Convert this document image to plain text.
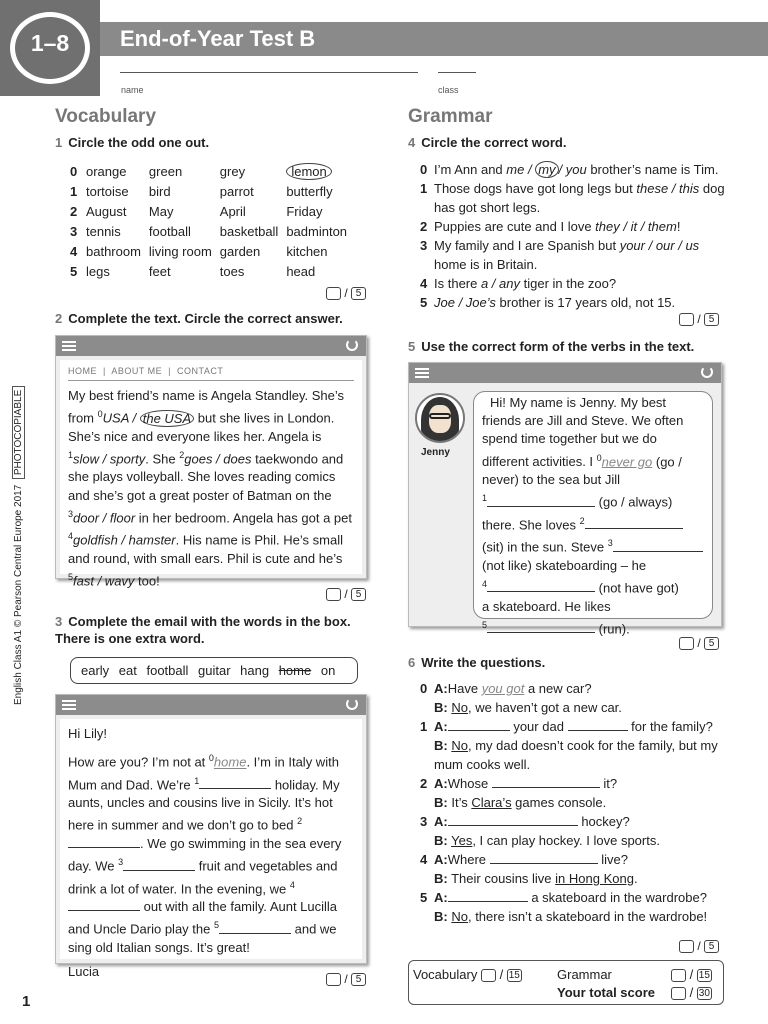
1–8	End-of-Year Test B
name	class
English Class A1 © Pearson Central Europe 2017  PHOTOCOPIABLE
Vocabulary
1 Circle the odd one out.
0	orange	green	grey	lemon
1	tortoise	bird	parrot	butterfly
2	August	May	April	Friday
3	tennis	football	basketball	badminton
4	bathroom	living room	garden	kitchen
5	legs	feet	toes	head
/ 5
2 Complete the text. Circle the correct answer.
HOME  |  ABOUT ME  |  CONTACT
My best friend’s name is Angela Standley. She’s from $^0$USA / the USA but she lives in London. She’s nice and everyone likes her. Angela is $^1$slow / sporty. She $^2$goes / does taekwondo and she plays volleyball. She loves reading comics and she’s got a great poster of Batman on the $^3$door / floor in her bedroom. Angela has got a pet $^4$goldfish / hamster. His name is Phil. He’s small and round, with small ears. Phil is cute and he’s $^5$fast / wavy too!
/ 5
3 Complete the email with the words in the box. There is one extra word.
early eat football guitar hang home on
Hi Lily!
How are you? I’m not at $^0$home. I’m in Italy with Mum and Dad. We’re $^1$	holiday. My aunts, uncles and cousins live in Sicily. It’s hot here in summer and we don’t go to bed $^2$. We go swimming in the sea every day. We $^3$	fruit and vegetables and drink a lot of water. In the evening, we $^4$ out with all the family. Aunt Lucilla and Uncle Dario play the $^5$	and we sing old Italian songs. It’s great!
Lucia	/ 5
1
Grammar
4 Circle the correct word.
0 I’m Ann and me / my / you brother’s name is Tim.
1 Those dogs have got long legs but these / this dog has got short legs.
2 Puppies are cute and I love they / it / them!
3 My family and I are Spanish but your / our / us home is in Britain.
4 Is there a / any tiger in the zoo?
5 Joe / Joe’s brother is 17 years old, not 15.
/ 5
5 Use the correct form of the verbs in the text.
Jenny
Hi! My name is Jenny. My best friends are Jill and Steve. We often spend time together but we do different activities. I $^0$never go (go / never) to the sea but Jill
$^1$	(go / always)
there. She loves $^2$
(sit) in the sun. Steve $^3$
(not like) skateboarding – he
$^4$	(not have got)
a skateboard. He likes
$^5$	(run).
/ 5
6 Write the questions.
0 A:Have you got a new car?
B: No, we haven’t got a new car.
1 A:	your dad	for the family?
B: No, my dad doesn’t cook for the family, but my mum cooks well.
2 A:Whose	it?
B: It’s Clara’s games console.
3 A:	hockey?
B: Yes, I can play hockey. I love sports.
4 A:Where	live?
B: Their cousins live in Hong Kong.
5 A:	a skateboard in the wardrobe?
B: No, there isn’t a skateboard in the wardrobe!
/ 5
Vocabulary  / 15	Grammar	/ 15
Your total score	/ 30
